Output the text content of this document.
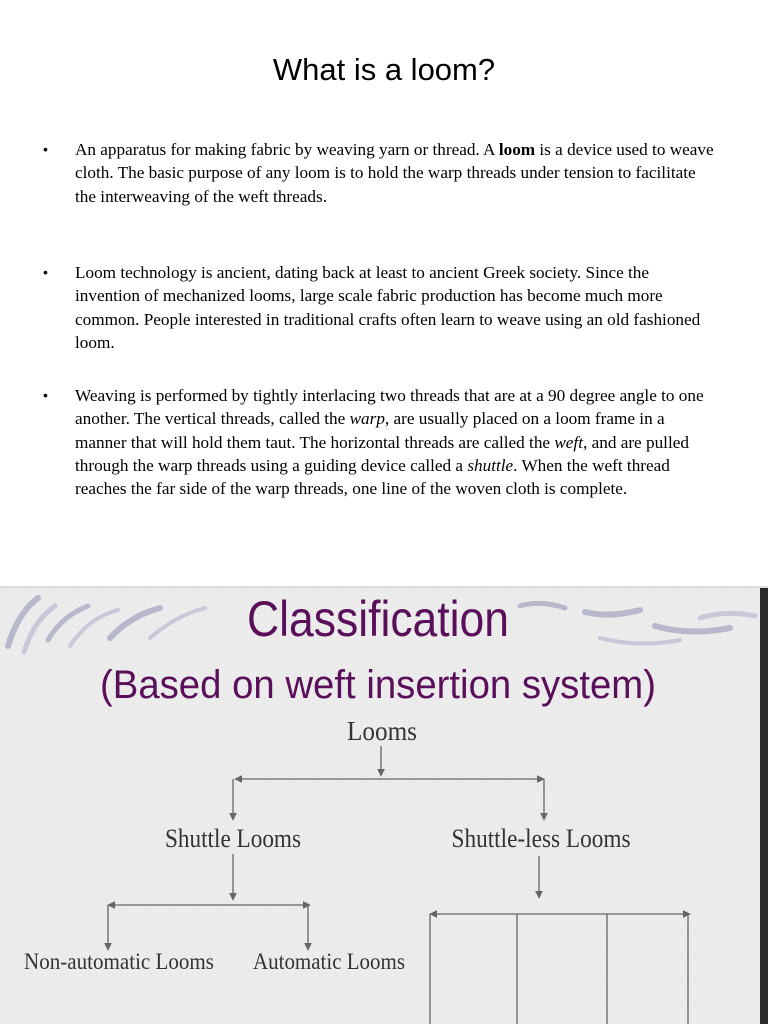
What is a loom?
• An apparatus for making fabric by weaving yarn or thread. A loom is a device used to weave cloth. The basic purpose of any loom is to hold the warp threads under tension to facilitate the interweaving of the weft threads.
• Loom technology is ancient, dating back at least to ancient Greek society. Since the invention of mechanized looms, large scale fabric production has become much more common. People interested in traditional crafts often learn to weave using an old fashioned loom.
• Weaving is performed by tightly interlacing two threads that are at a 90 degree angle to one another. The vertical threads, called the warp, are usually placed on a loom frame in a manner that will hold them taut. The horizontal threads are called the weft, and are pulled through the warp threads using a guiding device called a shuttle. When the weft thread reaches the far side of the warp threads, one line of the woven cloth is complete.
Classification
(Based on weft insertion system)
Looms
Shuttle Looms	Shuttle-less Looms
Non-automatic Looms Automatic Looms
